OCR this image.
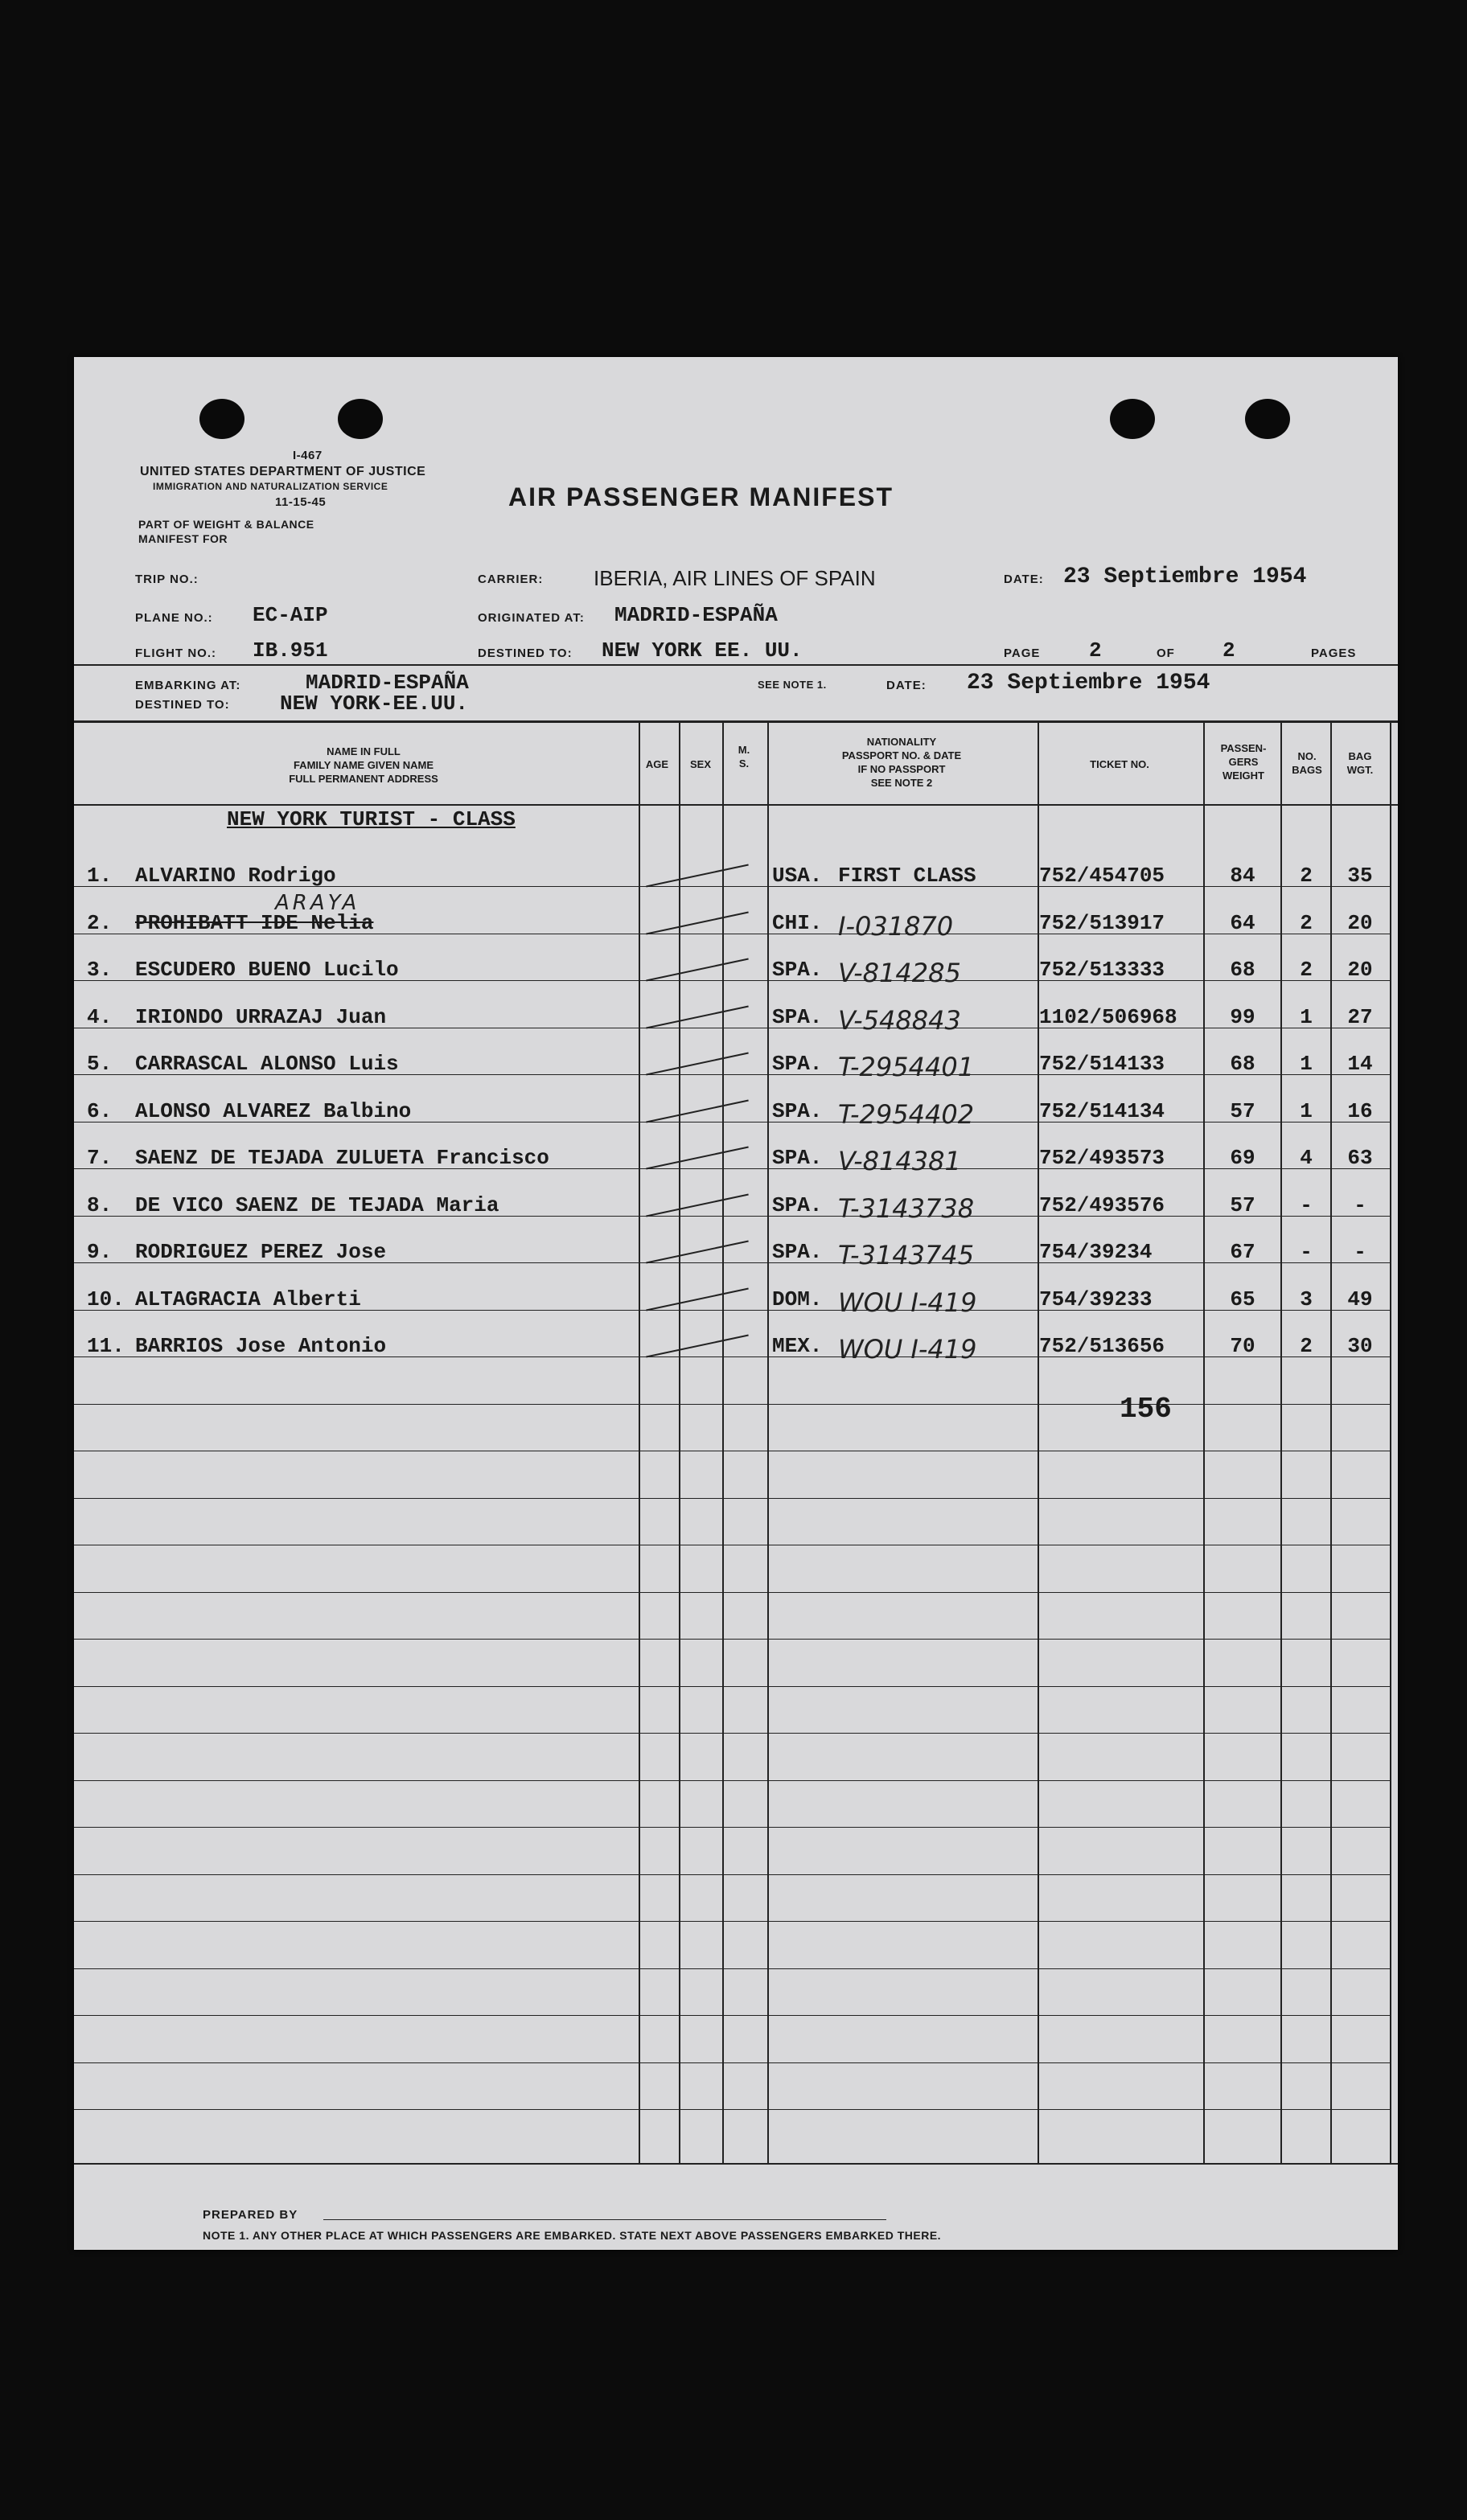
I-467
UNITED STATES DEPARTMENT OF JUSTICE
IMMIGRATION AND NATURALIZATION SERVICE
11-15-45
PART OF WEIGHT & BALANCE
MANIFEST FOR
AIR PASSENGER MANIFEST
TRIP NO.:	CARRIER: IBERIA, AIR LINES OF SPAIN	DATE: 23 Septiembre 1954
PLANE NO.: EC-AIP	ORIGINATED AT: MADRID-ESPAÑA
FLIGHT NO.: IB.951	DESTINED TO: NEW YORK EE. UU.	PAGE 2	OF 2	PAGES
EMBARKING AT:	MADRID-ESPAÑA
DESTINED TO: NEW YORK-EE.UU.
SEE NOTE 1.	DATE: 23 Septiembre 1954
NAME IN FULL
FAMILY NAME GIVEN NAME
FULL PERMANENT ADDRESS
AGE	SEX
M.
S.
NATIONALITY
PASSPORT NO. & DATE
IF NO PASSPORT
SEE NOTE 2
TICKET NO.
PASSEN-
GERS
WEIGHT
NO.
BAGS
BAG
WGT.
NEW YORK TURIST - CLASS
1. ALVARINO Rodrigo	USA. FIRST CLASS	752/454705	84	2	35
2. PROHIBATT IDE Nelia	CHI. I-031870	752/513917	64	2	20
3. ESCUDERO BUENO Lucilo	SPA. V-814285	752/513333	68	2	20
4. IRIONDO URRAZAJ Juan	SPA. V-548843	1102/506968	99	1	27
5. CARRASCAL ALONSO Luis	SPA. T-2954401	752/514133	68	1	14
6. ALONSO ALVAREZ Balbino	SPA. T-2954402	752/514134	57	1	16
7. SAENZ DE TEJADA ZULUETA Francisco	SPA. V-814381	752/493573	69	4	63
8. DE VICO SAENZ DE TEJADA Maria	SPA. T-3143738	752/493576	57	-	-
9. RODRIGUEZ PEREZ Jose	SPA. T-3143745	754/39234	67	-	-
10. ALTAGRACIA Alberti	DOM. WOU I-419	754/39233	65	3	49
11. BARRIOS Jose Antonio	MEX. WOU I-419	752/513656	70	2	30
ARAYA
156
PREPARED BY
NOTE 1. ANY OTHER PLACE AT WHICH PASSENGERS ARE EMBARKED. STATE NEXT ABOVE PASSENGERS EMBARKED THERE.
